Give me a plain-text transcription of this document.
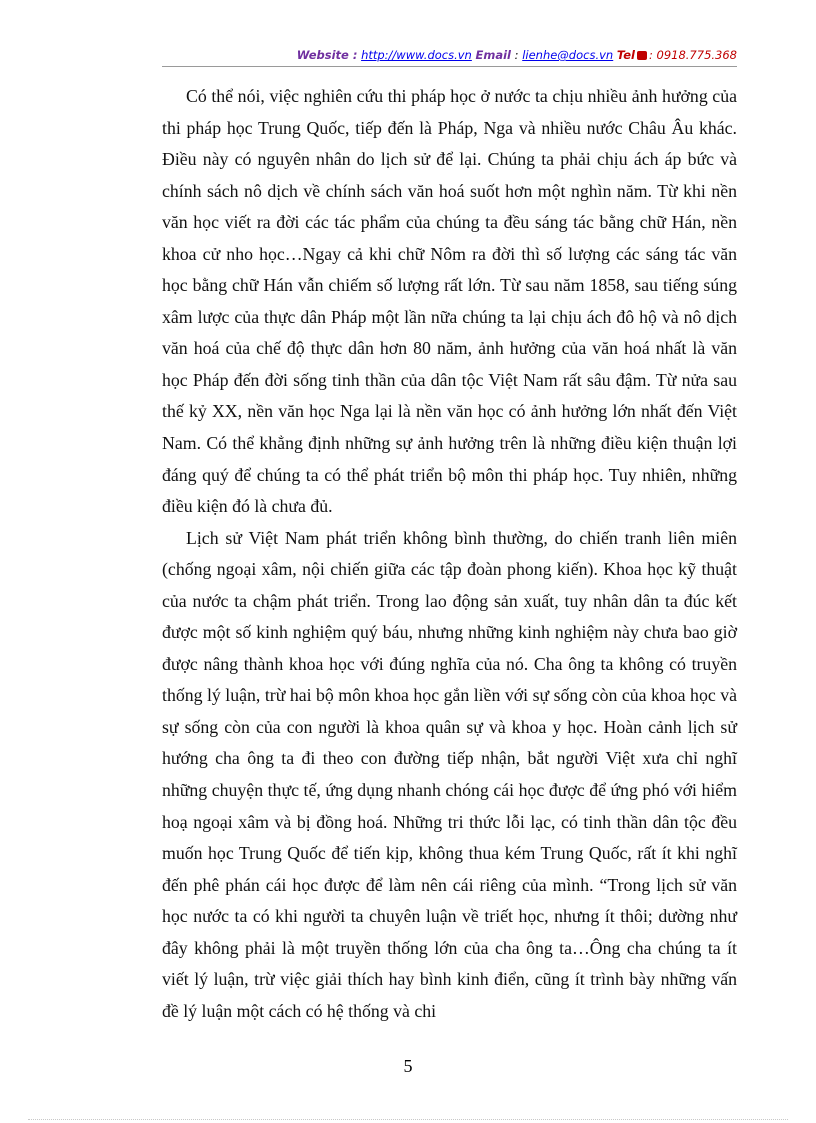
Website : http://www.docs.vn Email : lienhe@docs.vn Tel : 0918.775.368

Có thể nói, việc nghiên cứu thi pháp học ở nước ta chịu nhiều ảnh hưởng của thi pháp học Trung Quốc, tiếp đến là Pháp, Nga và nhiều nước Châu Âu khác. Điều này có nguyên nhân do lịch sử để lại. Chúng ta phải chịu ách áp bức và chính sách nô dịch về chính sách văn hoá suốt hơn một nghìn năm. Từ khi nền văn học viết ra đời các tác phẩm của chúng ta đều sáng tác bằng chữ Hán, nền khoa cử nho học…Ngay cả khi chữ Nôm ra đời thì số lượng các sáng tác văn học bằng chữ Hán vẫn chiếm số lượng rất lớn. Từ sau năm 1858, sau tiếng súng xâm lược của thực dân Pháp một lần nữa chúng ta lại chịu ách đô hộ và nô dịch văn hoá của chế độ thực dân hơn 80 năm, ảnh hưởng của văn hoá nhất là văn học Pháp đến đời sống tinh thần của dân tộc Việt Nam rất sâu đậm. Từ nửa sau thế kỷ XX, nền văn học Nga lại là nền văn học có ảnh hưởng lớn nhất đến Việt Nam. Có thể khẳng định những sự ảnh hưởng trên là những điều kiện thuận lợi đáng quý để chúng ta có thể phát triển bộ môn thi pháp học. Tuy nhiên, những điều kiện đó là chưa đủ.

Lịch sử Việt Nam phát triển không bình thường, do chiến tranh liên miên (chống ngoại xâm, nội chiến giữa các tập đoàn phong kiến). Khoa học kỹ thuật của nước ta chậm phát triển. Trong lao động sản xuất, tuy nhân dân ta đúc kết được một số kinh nghiệm quý báu, nhưng những kinh nghiệm này chưa bao giờ được nâng thành khoa học với đúng nghĩa của nó. Cha ông ta không có truyền thống lý luận, trừ hai bộ môn khoa học gắn liền với sự sống còn của khoa học và sự sống còn của con người là khoa quân sự và khoa y học. Hoàn cảnh lịch sử hướng cha ông ta đi theo con đường tiếp nhận, bắt người Việt xưa chỉ nghĩ những chuyện thực tế, ứng dụng nhanh chóng cái học được để ứng phó với hiểm hoạ ngoại xâm và bị đồng hoá. Những tri thức lỗi lạc, có tinh thần dân tộc đều muốn học Trung Quốc để tiến kịp, không thua kém Trung Quốc, rất ít khi nghĩ đến phê phán cái học được để làm nên cái riêng của mình. “Trong lịch sử văn học nước ta có khi người ta chuyên luận về triết học, nhưng ít thôi; dường như đây không phải là một truyền thống lớn của cha ông ta…Ông cha chúng ta ít viết lý luận, trừ việc giải thích hay bình kinh điển, cũng ít trình bày những vấn đề lý luận một cách có hệ thống và chi

5
